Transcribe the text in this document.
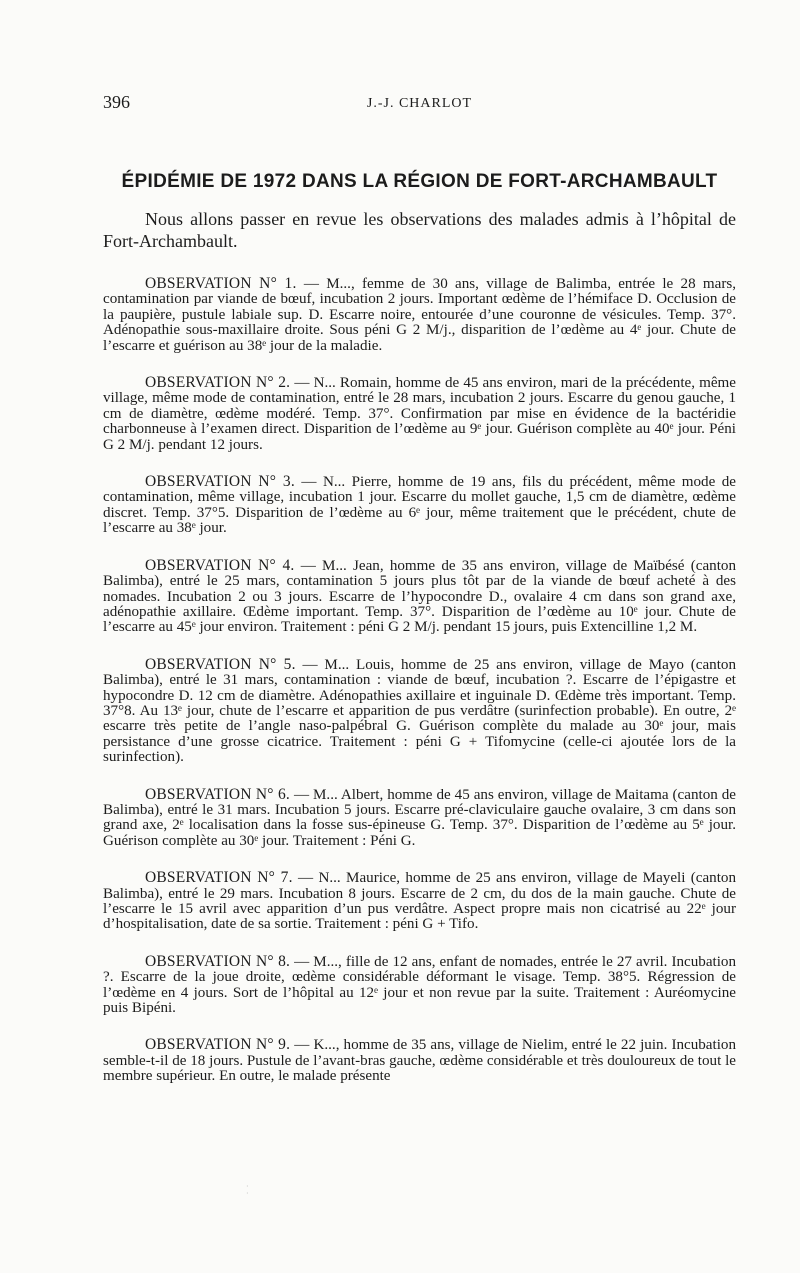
396	J.-J. CHARLOT
ÉPIDÉMIE DE 1972 DANS LA RÉGION DE FORT-ARCHAMBAULT

Nous allons passer en revue les observations des malades admis à l’hôpital de Fort-Archambault.

OBSERVATION N° 1. — M..., femme de 30 ans, village de Balimba, entrée le 28 mars, contamination par viande de bœuf, incubation 2 jours. Important œdème de l’hémiface D. Occlusion de la paupière, pustule labiale sup. D. Escarre noire, entourée d’une couronne de vésicules. Temp. 37°. Adénopathie sous-maxillaire droite. Sous péni G 2 M/j., disparition de l’œdème au 4ᵉ jour. Chute de l’escarre et guérison au 38ᵉ jour de la maladie.

OBSERVATION N° 2. — N... Romain, homme de 45 ans environ, mari de la précédente, même village, même mode de contamination, entré le 28 mars, incubation 2 jours. Escarre du genou gauche, 1 cm de diamètre, œdème modéré. Temp. 37°. Confirmation par mise en évidence de la bactéridie charbonneuse à l’examen direct. Disparition de l’œdème au 9ᵉ jour. Guérison complète au 40ᵉ jour. Péni G 2 M/j. pendant 12 jours.

OBSERVATION N° 3. — N... Pierre, homme de 19 ans, fils du précédent, même mode de contamination, même village, incubation 1 jour. Escarre du mollet gauche, 1,5 cm de diamètre, œdème discret. Temp. 37°5. Disparition de l’œdème au 6ᵉ jour, même traitement que le précédent, chute de l’escarre au 38ᵉ jour.

OBSERVATION N° 4. — M... Jean, homme de 35 ans environ, village de Maïbésé (canton Balimba), entré le 25 mars, contamination 5 jours plus tôt par de la viande de bœuf acheté à des nomades. Incubation 2 ou 3 jours. Escarre de l’hypocondre D., ovalaire 4 cm dans son grand axe, adénopathie axillaire. Œdème important. Temp. 37°. Disparition de l’œdème au 10ᵉ jour. Chute de l’escarre au 45ᵉ jour environ. Traitement : péni G 2 M/j. pendant 15 jours, puis Extencilline 1,2 M.

OBSERVATION N° 5. — M... Louis, homme de 25 ans environ, village de Mayo (canton Balimba), entré le 31 mars, contamination : viande de bœuf, incubation ?. Escarre de l’épigastre et hypocondre D. 12 cm de diamètre. Adénopathies axillaire et inguinale D. Œdème très important. Temp. 37°8. Au 13ᵉ jour, chute de l’escarre et apparition de pus verdâtre (surinfection probable). En outre, 2ᵉ escarre très petite de l’angle naso-palpébral G. Guérison complète du malade au 30ᵉ jour, mais persistance d’une grosse cicatrice. Traitement : péni G + Tifomycine (celle-ci ajoutée lors de la surinfection).

OBSERVATION N° 6. — M... Albert, homme de 45 ans environ, village de Maitama (canton de Balimba), entré le 31 mars. Incubation 5 jours. Escarre pré-claviculaire gauche ovalaire, 3 cm dans son grand axe, 2ᵉ localisation dans la fosse sus-épineuse G. Temp. 37°. Disparition de l’œdème au 5ᵉ jour. Guérison complète au 30ᵉ jour. Traitement : Péni G.

OBSERVATION N° 7. — N... Maurice, homme de 25 ans environ, village de Mayeli (canton Balimba), entré le 29 mars. Incubation 8 jours. Escarre de 2 cm, du dos de la main gauche. Chute de l’escarre le 15 avril avec apparition d’un pus verdâtre. Aspect propre mais non cicatrisé au 22ᵉ jour d’hospitalisation, date de sa sortie. Traitement : péni G + Tifo.

OBSERVATION N° 8. — M..., fille de 12 ans, enfant de nomades, entrée le 27 avril. Incubation ?. Escarre de la joue droite, œdème considérable déformant le visage. Temp. 38°5. Régression de l’œdème en 4 jours. Sort de l’hôpital au 12ᵉ jour et non revue par la suite. Traitement : Auréomycine puis Bipéni.

OBSERVATION N° 9. — K..., homme de 35 ans, village de Nielim, entré le 22 juin. Incubation semble-t-il de 18 jours. Pustule de l’avant-bras gauche, œdème considérable et très douloureux de tout le membre supérieur. En outre, le malade présente

·
·
